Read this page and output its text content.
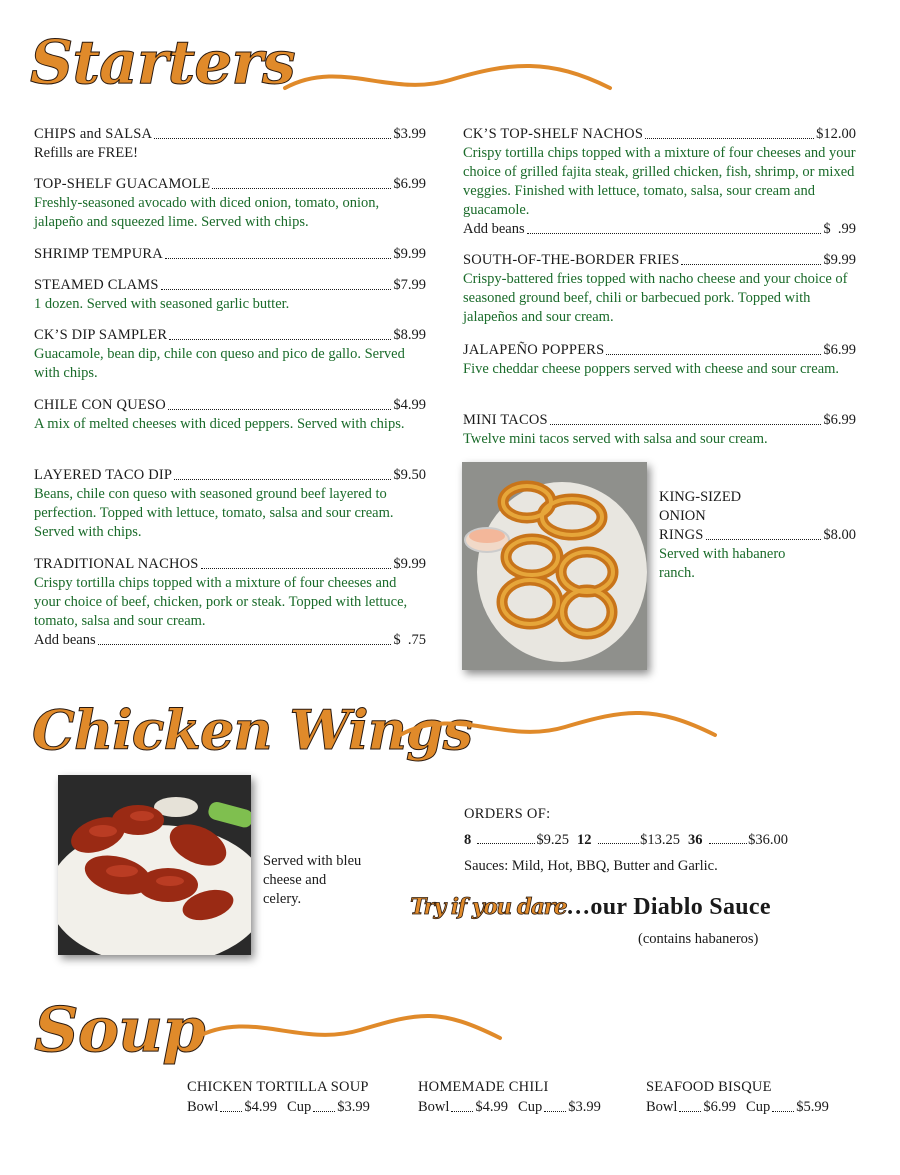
Starters
CHIPS and SALSA	$3.99
Refills are FREE!
TOP-SHELF GUACAMOLE	$6.99
Freshly-seasoned avocado with diced onion, tomato, onion, jalapeño and squeezed lime. Served with chips.
SHRIMP TEMPURA	$9.99
STEAMED CLAMS	$7.99
1 dozen. Served with seasoned garlic butter.
CK’S DIP SAMPLER	$8.99
Guacamole, bean dip, chile con queso and pico de gallo. Served with chips.
CHILE CON QUESO	$4.99
A mix of melted cheeses with diced peppers. Served with chips.
LAYERED TACO DIP	$9.50
Beans, chile con queso with seasoned ground beef layered to perfection. Topped with lettuce, tomato, salsa and sour cream. Served with chips.
TRADITIONAL NACHOS	$9.99
Crispy tortilla chips topped with a mixture of four cheeses and your choice of beef, chicken, pork or steak. Topped with lettuce, tomato, salsa and sour cream.
Add beans	$  .75
CK’S TOP-SHELF NACHOS	$12.00
Crispy tortilla chips topped with a mixture of four cheeses and your choice of grilled fajita steak, grilled chicken, fish, shrimp, or mixed veggies. Finished with lettuce, tomato, salsa, sour cream and guacamole.
Add beans	$  .99
SOUTH-OF-THE-BORDER FRIES	$9.99
Crispy-battered fries topped with nacho cheese and your choice of seasoned ground beef, chili or barbecued pork. Topped with jalapeños and sour cream.
JALAPEÑO POPPERS	$6.99
Five cheddar cheese poppers served with cheese and sour cream.
MINI TACOS	$6.99
Twelve mini tacos served with salsa and sour cream.
KING-SIZED
ONION
RINGS	$8.00
Served with habanero ranch.
Chicken Wings
Served with bleu cheese and celery.
ORDERS OF:
8	$9.25 12	$13.25 36	$36.00
Sauces: Mild, Hot, BBQ, Butter and Garlic.
Try if you dare…our Diablo Sauce
(contains habaneros)
Soup
CHICKEN TORTILLA SOUP
Bowl $4.99 Cup $3.99
HOMEMADE CHILI
Bowl $4.99 Cup $3.99
SEAFOOD BISQUE
Bowl $6.99 Cup $5.99
